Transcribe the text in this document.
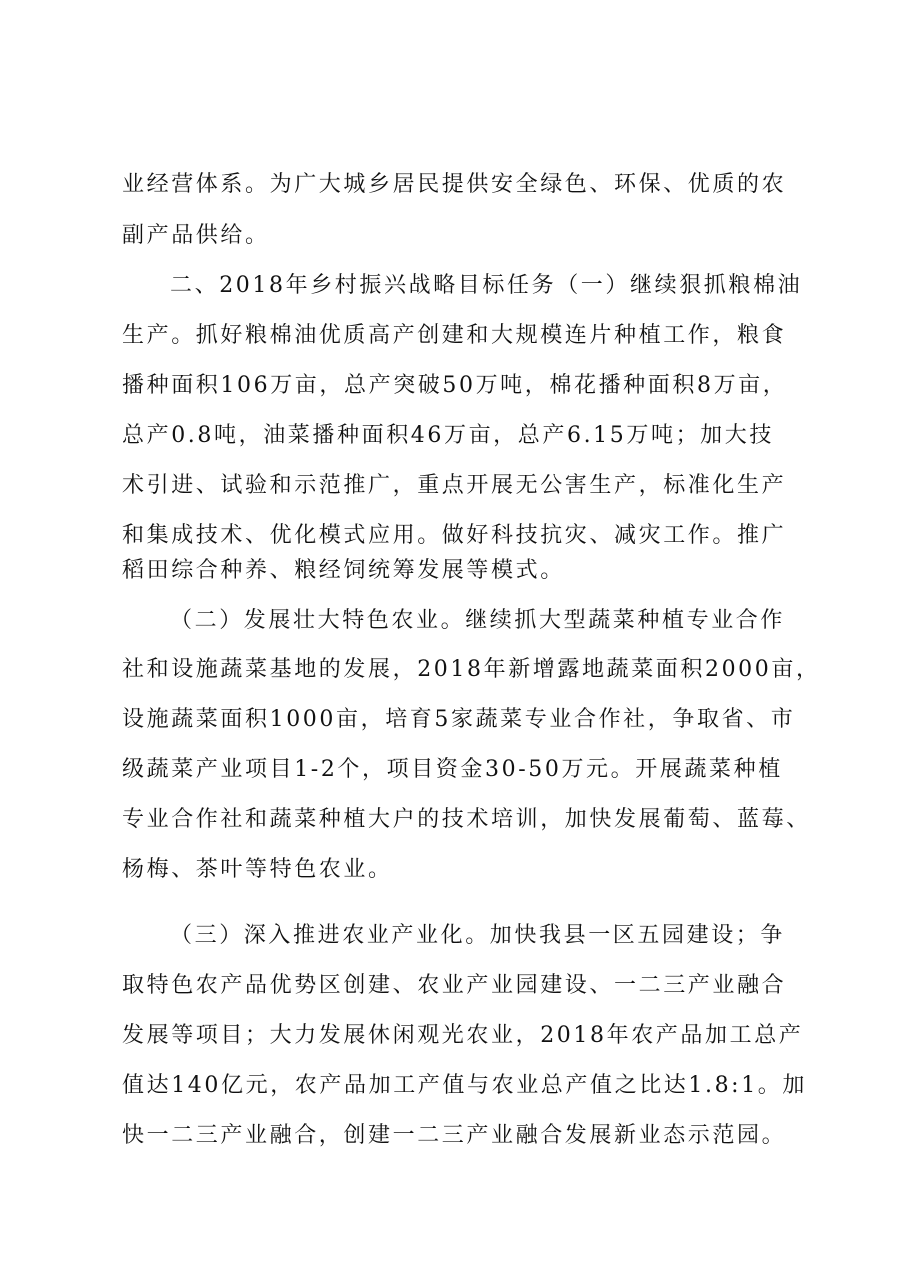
业经营体系。为广大城乡居民提供安全绿色、环保、优质的农
副产品供给。
二、2018年乡村振兴战略目标任务（一）继续狠抓粮棉油
生产。抓好粮棉油优质高产创建和大规模连片种植工作，粮食
播种面积106万亩，总产突破50万吨，棉花播种面积8万亩，
总产0.8吨，油菜播种面积46万亩，总产6.15万吨；加大技
术引进、试验和示范推广，重点开展无公害生产，标准化生产
和集成技术、优化模式应用。做好科技抗灾、减灾工作。推广
稻田综合种养、粮经饲统筹发展等模式。
（二）发展壮大特色农业。继续抓大型蔬菜种植专业合作
社和设施蔬菜基地的发展，2018年新增露地蔬菜面积2000亩，
设施蔬菜面积1000亩，培育5家蔬菜专业合作社，争取省、市
级蔬菜产业项目1-2个，项目资金30-50万元。开展蔬菜种植
专业合作社和蔬菜种植大户的技术培训，加快发展葡萄、蓝莓、
杨梅、茶叶等特色农业。
（三）深入推进农业产业化。加快我县一区五园建设；争
取特色农产品优势区创建、农业产业园建设、一二三产业融合
发展等项目；大力发展休闲观光农业，2018年农产品加工总产
值达140亿元，农产品加工产值与农业总产值之比达1.8:1。加
快一二三产业融合，创建一二三产业融合发展新业态示范园。
